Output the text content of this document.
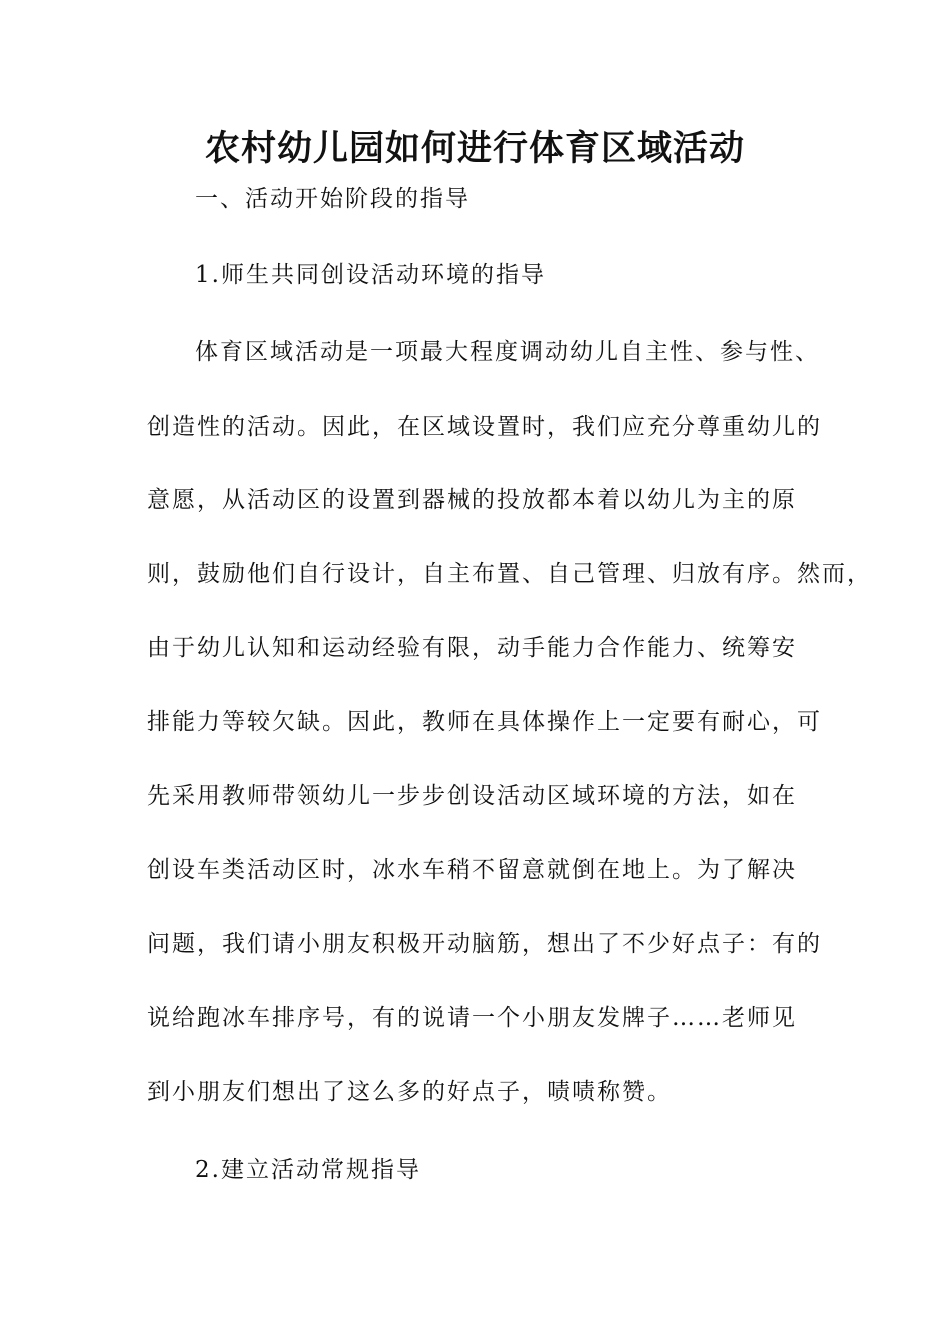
农村幼儿园如何进行体育区域活动

一、活动开始阶段的指导

1.师生共同创设活动环境的指导

体育区域活动是一项最大程度调动幼儿自主性、参与性、

创造性的活动。因此，在区域设置时，我们应充分尊重幼儿的

意愿，从活动区的设置到器械的投放都本着以幼儿为主的原

则，鼓励他们自行设计，自主布置、自己管理、归放有序。然而，

由于幼儿认知和运动经验有限，动手能力合作能力、统筹安

排能力等较欠缺。因此，教师在具体操作上一定要有耐心，可

先采用教师带领幼儿一步步创设活动区域环境的方法，如在

创设车类活动区时，冰水车稍不留意就倒在地上。为了解决

问题，我们请小朋友积极开动脑筋，想出了不少好点子：有的

说给跑冰车排序号，有的说请一个小朋友发牌子……老师见

到小朋友们想出了这么多的好点子，啧啧称赞。

2.建立活动常规指导
